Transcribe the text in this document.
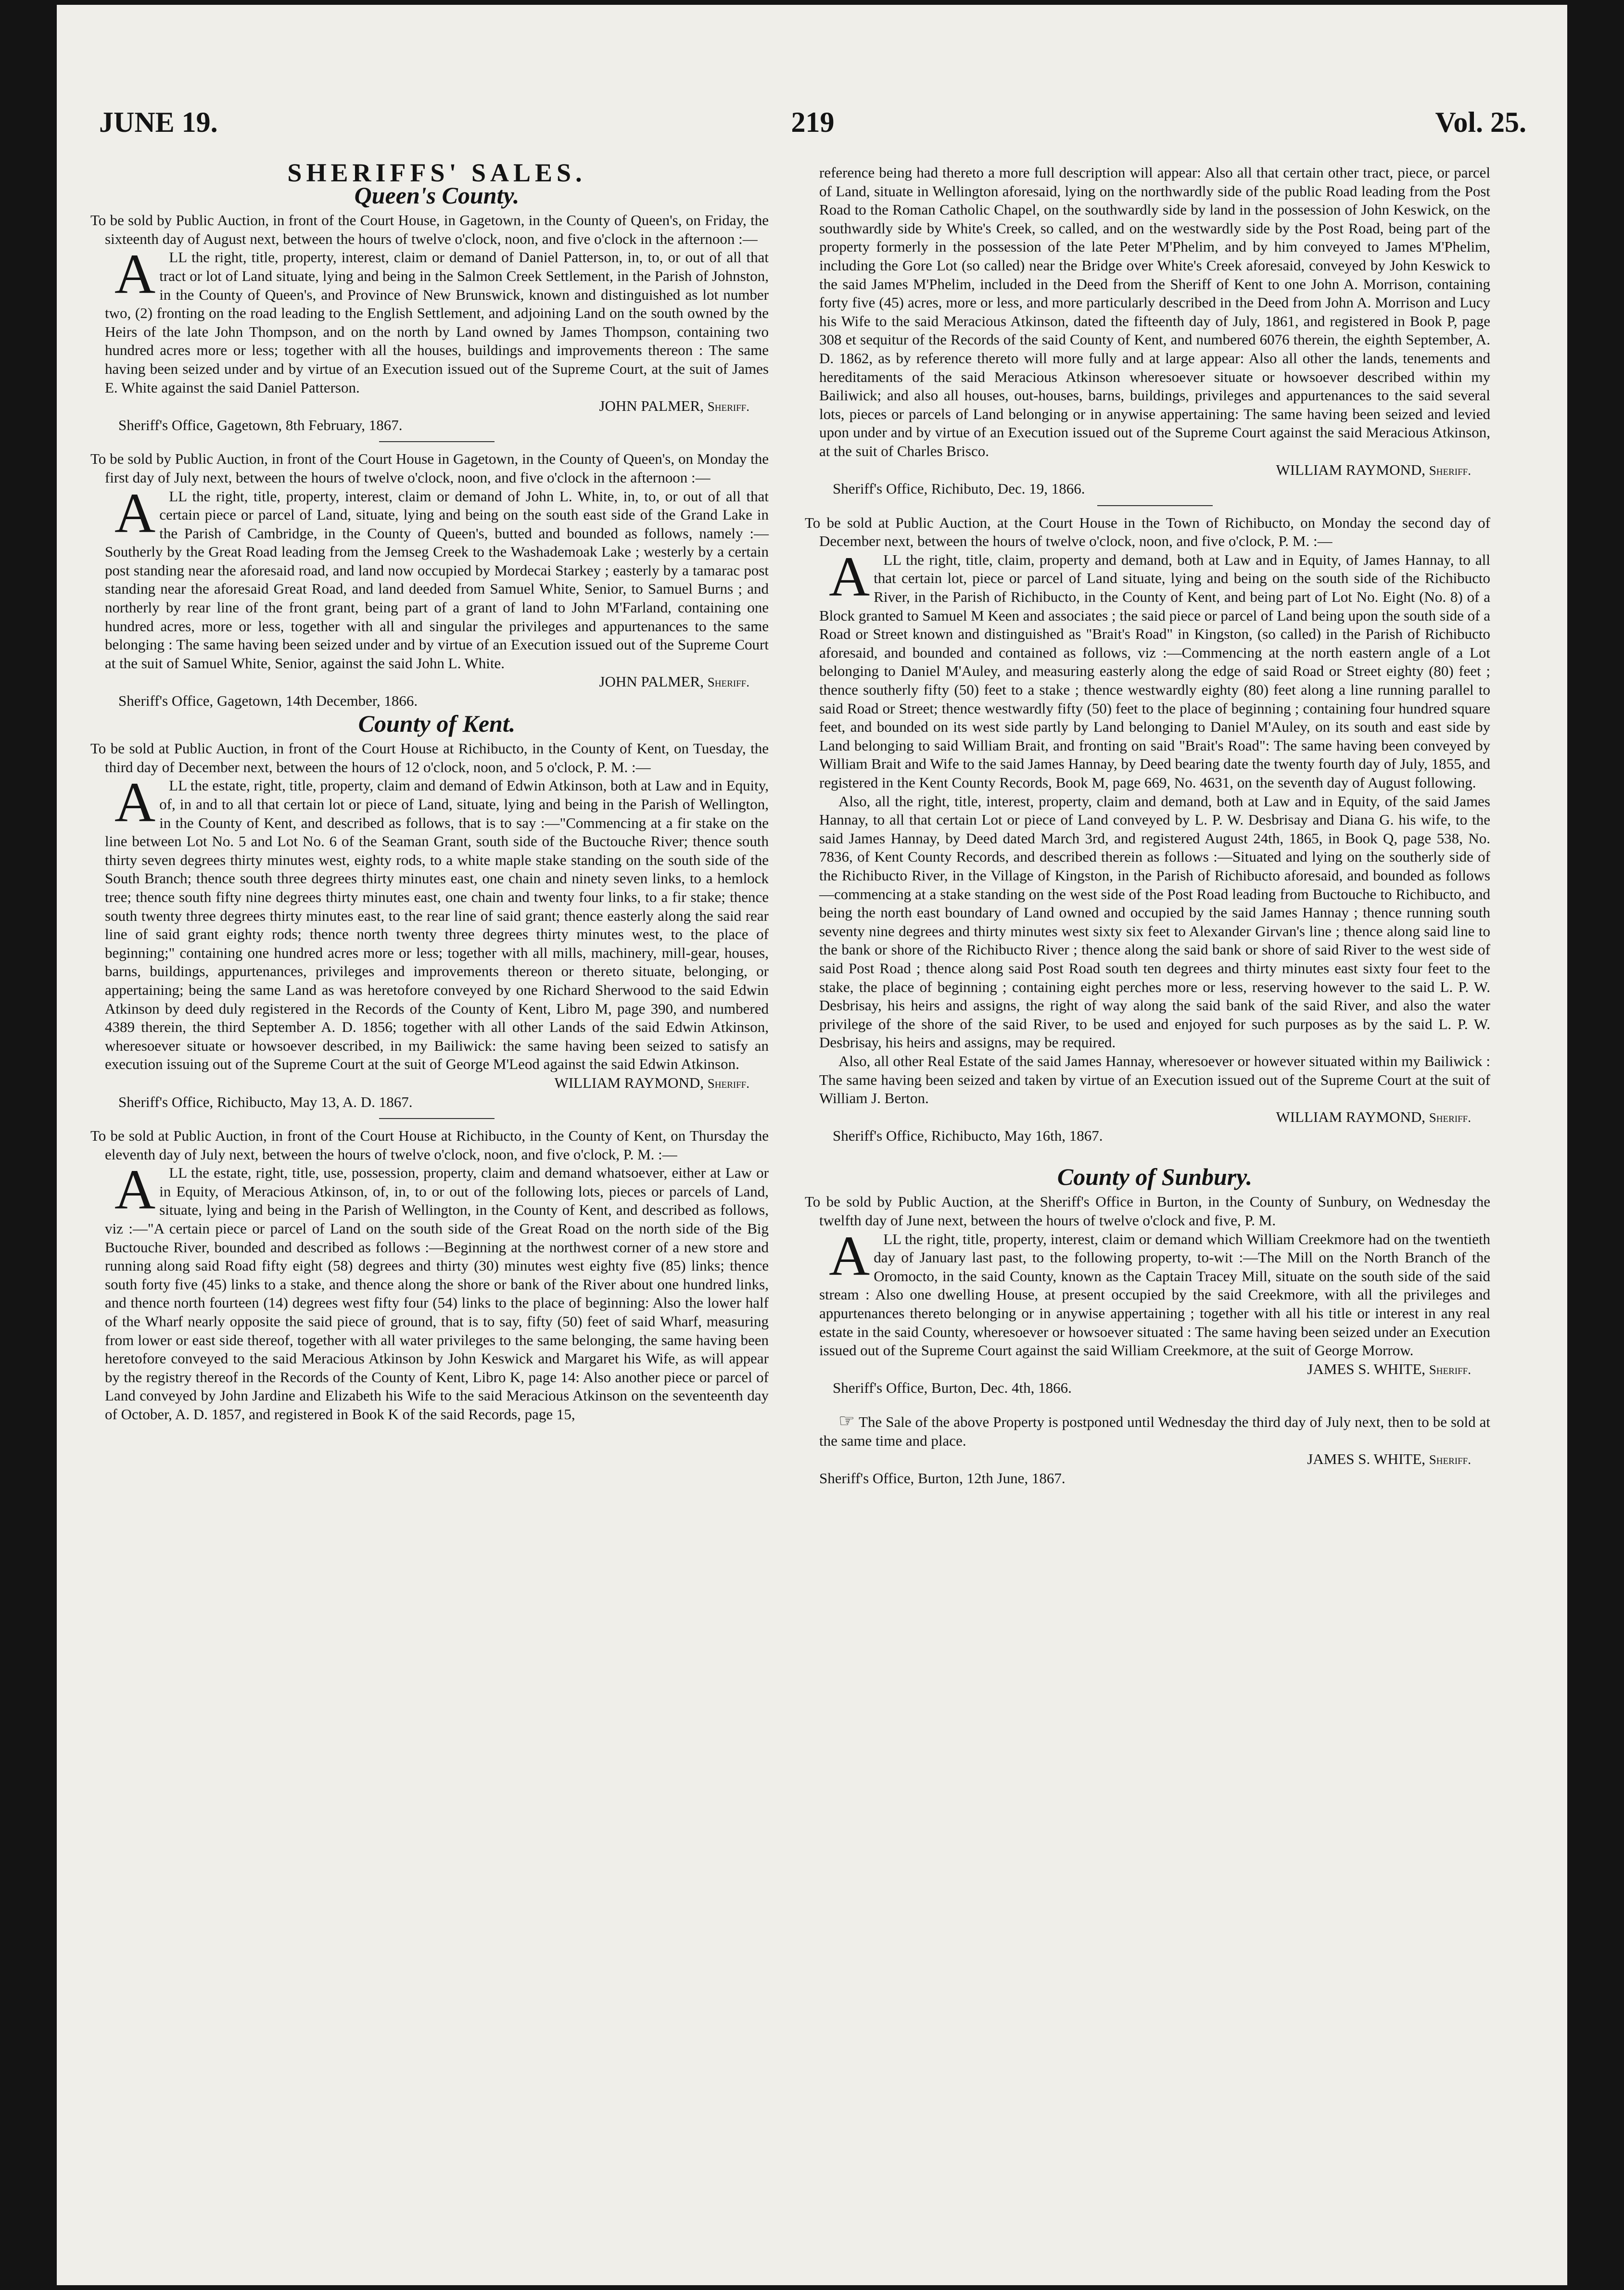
JUNE 19.	219	Vol. 25.
SHERIFFS' SALES.
Queen's County.

To be sold by Public Auction, in front of the Court House, in Gagetown, in the County of Queen's, on Friday, the sixteenth day of August next, between the hours of twelve o'clock, noon, and five o'clock in the afternoon :—

ALL the right, title, property, interest, claim or demand of Daniel Patterson, in, to, or out of all that tract or lot of Land situate, lying and being in the Salmon Creek Settlement, in the Parish of Johnston, in the County of Queen's, and Province of New Brunswick, known and distinguished as lot number two, (2) fronting on the road leading to the English Settlement, and adjoining Land on the south owned by the Heirs of the late John Thompson, and on the north by Land owned by James Thompson, containing two hundred acres more or less; together with all the houses, buildings and improvements thereon : The same having been seized under and by virtue of an Execution issued out of the Supreme Court, at the suit of James E. White against the said Daniel Patterson.

JOHN PALMER, Sheriff.

Sheriff's Office, Gagetown, 8th February, 1867.

To be sold by Public Auction, in front of the Court House in Gagetown, in the County of Queen's, on Monday the first day of July next, between the hours of twelve o'clock, noon, and five o'clock in the afternoon :—

ALL the right, title, property, interest, claim or demand of John L. White, in, to, or out of all that certain piece or parcel of Land, situate, lying and being on the south east side of the Grand Lake in the Parish of Cambridge, in the County of Queen's, butted and bounded as follows, namely :—Southerly by the Great Road leading from the Jemseg Creek to the Washademoak Lake ; westerly by a certain post standing near the aforesaid road, and land now occupied by Mordecai Starkey ; easterly by a tamarac post standing near the aforesaid Great Road, and land deeded from Samuel White, Senior, to Samuel Burns ; and northerly by rear line of the front grant, being part of a grant of land to John M'Farland, containing one hundred acres, more or less, together with all and singular the privileges and appurtenances to the same belonging : The same having been seized under and by virtue of an Execution issued out of the Supreme Court at the suit of Samuel White, Senior, against the said John L. White.

JOHN PALMER, Sheriff.

Sheriff's Office, Gagetown, 14th December, 1866.

County of Kent.

To be sold at Public Auction, in front of the Court House at Richibucto, in the County of Kent, on Tuesday, the third day of December next, between the hours of 12 o'clock, noon, and 5 o'clock, P. M. :—

ALL the estate, right, title, property, claim and demand of Edwin Atkinson, both at Law and in Equity, of, in and to all that certain lot or piece of Land, situate, lying and being in the Parish of Wellington, in the County of Kent, and described as follows, that is to say :—"Commencing at a fir stake on the line between Lot No. 5 and Lot No. 6 of the Seaman Grant, south side of the Buctouche River; thence south thirty seven degrees thirty minutes west, eighty rods, to a white maple stake standing on the south side of the South Branch; thence south three degrees thirty minutes east, one chain and ninety seven links, to a hemlock tree; thence south fifty nine degrees thirty minutes east, one chain and twenty four links, to a fir stake; thence south twenty three degrees thirty minutes east, to the rear line of said grant; thence easterly along the said rear line of said grant eighty rods; thence north twenty three degrees thirty minutes west, to the place of beginning;" containing one hundred acres more or less; together with all mills, machinery, mill-gear, houses, barns, buildings, appurtenances, privileges and improvements thereon or thereto situate, belonging, or appertaining; being the same Land as was heretofore conveyed by one Richard Sherwood to the said Edwin Atkinson by deed duly registered in the Records of the County of Kent, Libro M, page 390, and numbered 4389 therein, the third September A. D. 1856; together with all other Lands of the said Edwin Atkinson, wheresoever situate or howsoever described, in my Bailiwick: the same having been seized to satisfy an execution issuing out of the Supreme Court at the suit of George M'Leod against the said Edwin Atkinson.

WILLIAM RAYMOND, Sheriff.

Sheriff's Office, Richibucto, May 13, A. D. 1867.

To be sold at Public Auction, in front of the Court House at Richibucto, in the County of Kent, on Thursday the eleventh day of July next, between the hours of twelve o'clock, noon, and five o'clock, P. M. :—

ALL the estate, right, title, use, possession, property, claim and demand whatsoever, either at Law or in Equity, of Meracious Atkinson, of, in, to or out of the following lots, pieces or parcels of Land, situate, lying and being in the Parish of Wellington, in the County of Kent, and described as follows, viz :—"A certain piece or parcel of Land on the south side of the Great Road on the north side of the Big Buctouche River, bounded and described as follows :—Beginning at the northwest corner of a new store and running along said Road fifty eight (58) degrees and thirty (30) minutes west eighty five (85) links; thence south forty five (45) links to a stake, and thence along the shore or bank of the River about one hundred links, and thence north fourteen (14) degrees west fifty four (54) links to the place of beginning: Also the lower half of the Wharf nearly opposite the said piece of ground, that is to say, fifty (50) feet of said Wharf, measuring from lower or east side thereof, together with all water privileges to the same belonging, the same having been heretofore conveyed to the said Meracious Atkinson by John Keswick and Margaret his Wife, as will appear by the registry thereof in the Records of the County of Kent, Libro K, page 14: Also another piece or parcel of Land conveyed by John Jardine and Elizabeth his Wife to the said Meracious Atkinson on the seventeenth day of October, A. D. 1857, and registered in Book K of the said Records, page 15,

reference being had thereto a more full description will appear: Also all that certain other tract, piece, or parcel of Land, situate in Wellington aforesaid, lying on the northwardly side of the public Road leading from the Post Road to the Roman Catholic Chapel, on the southwardly side by land in the possession of John Keswick, on the southwardly side by White's Creek, so called, and on the westwardly side by the Post Road, being part of the property formerly in the possession of the late Peter M'Phelim, and by him conveyed to James M'Phelim, including the Gore Lot (so called) near the Bridge over White's Creek aforesaid, conveyed by John Keswick to the said James M'Phelim, included in the Deed from the Sheriff of Kent to one John A. Morrison, containing forty five (45) acres, more or less, and more particularly described in the Deed from John A. Morrison and Lucy his Wife to the said Meracious Atkinson, dated the fifteenth day of July, 1861, and registered in Book P, page 308 et sequitur of the Records of the said County of Kent, and numbered 6076 therein, the eighth September, A. D. 1862, as by reference thereto will more fully and at large appear: Also all other the lands, tenements and hereditaments of the said Meracious Atkinson wheresoever situate or howsoever described within my Bailiwick; and also all houses, out-houses, barns, buildings, privileges and appurtenances to the said several lots, pieces or parcels of Land belonging or in anywise appertaining: The same having been seized and levied upon under and by virtue of an Execution issued out of the Supreme Court against the said Meracious Atkinson, at the suit of Charles Brisco.

WILLIAM RAYMOND, Sheriff.

Sheriff's Office, Richibuto, Dec. 19, 1866.

To be sold at Public Auction, at the Court House in the Town of Richibucto, on Monday the second day of December next, between the hours of twelve o'clock, noon, and five o'clock, P. M. :—

ALL the right, title, claim, property and demand, both at Law and in Equity, of James Hannay, to all that certain lot, piece or parcel of Land situate, lying and being on the south side of the Richibucto River, in the Parish of Richibucto, in the County of Kent, and being part of Lot No. Eight (No. 8) of a Block granted to Samuel M Keen and associates ; the said piece or parcel of Land being upon the south side of a Road or Street known and distinguished as "Brait's Road" in Kingston, (so called) in the Parish of Richibucto aforesaid, and bounded and contained as follows, viz :—Commencing at the north eastern angle of a Lot belonging to Daniel M'Auley, and measuring easterly along the edge of said Road or Street eighty (80) feet ; thence southerly fifty (50) feet to a stake ; thence westwardly eighty (80) feet along a line running parallel to said Road or Street; thence westwardly fifty (50) feet to the place of beginning ; containing four hundred square feet, and bounded on its west side partly by Land belonging to Daniel M'Auley, on its south and east side by Land belonging to said William Brait, and fronting on said "Brait's Road": The same having been conveyed by William Brait and Wife to the said James Hannay, by Deed bearing date the twenty fourth day of July, 1855, and registered in the Kent County Records, Book M, page 669, No. 4631, on the seventh day of August following.

Also, all the right, title, interest, property, claim and demand, both at Law and in Equity, of the said James Hannay, to all that certain Lot or piece of Land conveyed by L. P. W. Desbrisay and Diana G. his wife, to the said James Hannay, by Deed dated March 3rd, and registered August 24th, 1865, in Book Q, page 538, No. 7836, of Kent County Records, and described therein as follows :—Situated and lying on the southerly side of the Richibucto River, in the Village of Kingston, in the Parish of Richibucto aforesaid, and bounded as follows—commencing at a stake standing on the west side of the Post Road leading from Buctouche to Richibucto, and being the north east boundary of Land owned and occupied by the said James Hannay ; thence running south seventy nine degrees and thirty minutes west sixty six feet to Alexander Girvan's line ; thence along said line to the bank or shore of the Richibucto River ; thence along the said bank or shore of said River to the west side of said Post Road ; thence along said Post Road south ten degrees and thirty minutes east sixty four feet to the stake, the place of beginning ; containing eight perches more or less, reserving however to the said L. P. W. Desbrisay, his heirs and assigns, the right of way along the said bank of the said River, and also the water privilege of the shore of the said River, to be used and enjoyed for such purposes as by the said L. P. W. Desbrisay, his heirs and assigns, may be required.

Also, all other Real Estate of the said James Hannay, wheresoever or however situated within my Bailiwick : The same having been seized and taken by virtue of an Execution issued out of the Supreme Court at the suit of William J. Berton.

WILLIAM RAYMOND, Sheriff.

Sheriff's Office, Richibucto, May 16th, 1867.

County of Sunbury.

To be sold by Public Auction, at the Sheriff's Office in Burton, in the County of Sunbury, on Wednesday the twelfth day of June next, between the hours of twelve o'clock and five, P. M.

ALL the right, title, property, interest, claim or demand which William Creekmore had on the twentieth day of January last past, to the following property, to-wit :—The Mill on the North Branch of the Oromocto, in the said County, known as the Captain Tracey Mill, situate on the south side of the said stream : Also one dwelling House, at present occupied by the said Creekmore, with all the privileges and appurtenances thereto belonging or in anywise appertaining ; together with all his title or interest in any real estate in the said County, wheresoever or howsoever situated : The same having been seized under an Execution issued out of the Supreme Court against the said William Creekmore, at the suit of George Morrow.

JAMES S. WHITE, Sheriff.

Sheriff's Office, Burton, Dec. 4th, 1866.

☞ The Sale of the above Property is postponed until Wednesday the third day of July next, then to be sold at the same time and place.

JAMES S. WHITE, Sheriff.

Sheriff's Office, Burton, 12th June, 1867.
